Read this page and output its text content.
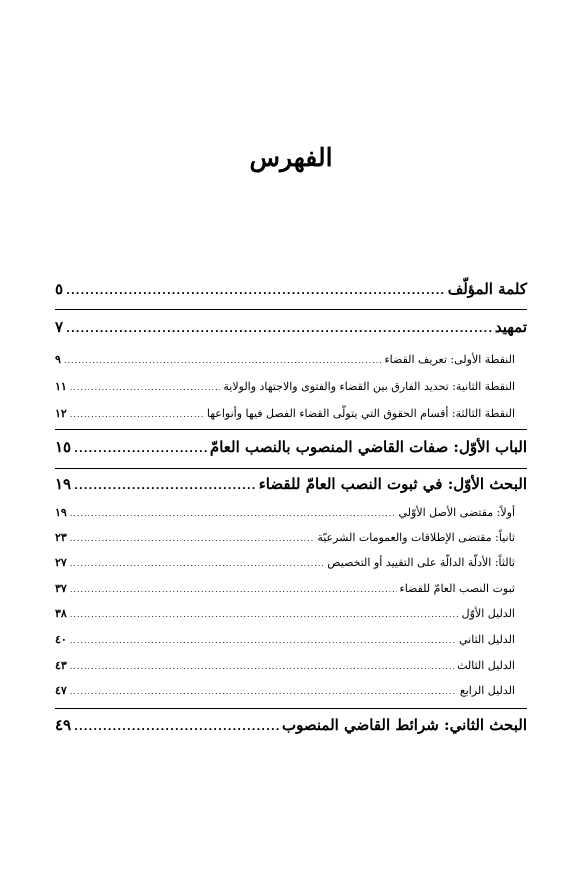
الفهرس
كلمة المؤلّف
.....
٥
تمهيد
.....
٧
النقطة الأولى: تعريف القضاء
.....
٩
النقطة الثانية: تحديد الفارق بين القضاء والفتوى والاجتهاد والولاية
.....
١١
النقطة الثالثة: أقسام الحقوق التي يتولّى القضاء الفصل فيها وأنواعها
.....
١٢
الباب الأوّل: صفات القاضي المنصوب بالنصب العامّ
.....
١٥
البحث الأوّل: في ثبوت النصب العامّ للقضاء
.....
١٩
أولاً: مقتضى الأصل الأوّلي
.....
١٩
ثانياً: مقتضى الإطلاقات والعمومات الشرعيّة
.....
٢٣
ثالثاً: الأدلّة الدالّة على التقييد أو التخصيص
.....
٢٧
ثبوت النصب العامّ للقضاء
.....
٣٧
الدليل الأوّل
.....
٣٨
الدليل الثاني
.....
٤٠
الدليل الثالث
.....
٤٣
الدليل الرابع
.....
٤٧
البحث الثاني: شرائط القاضي المنصوب
.....
٤٩
